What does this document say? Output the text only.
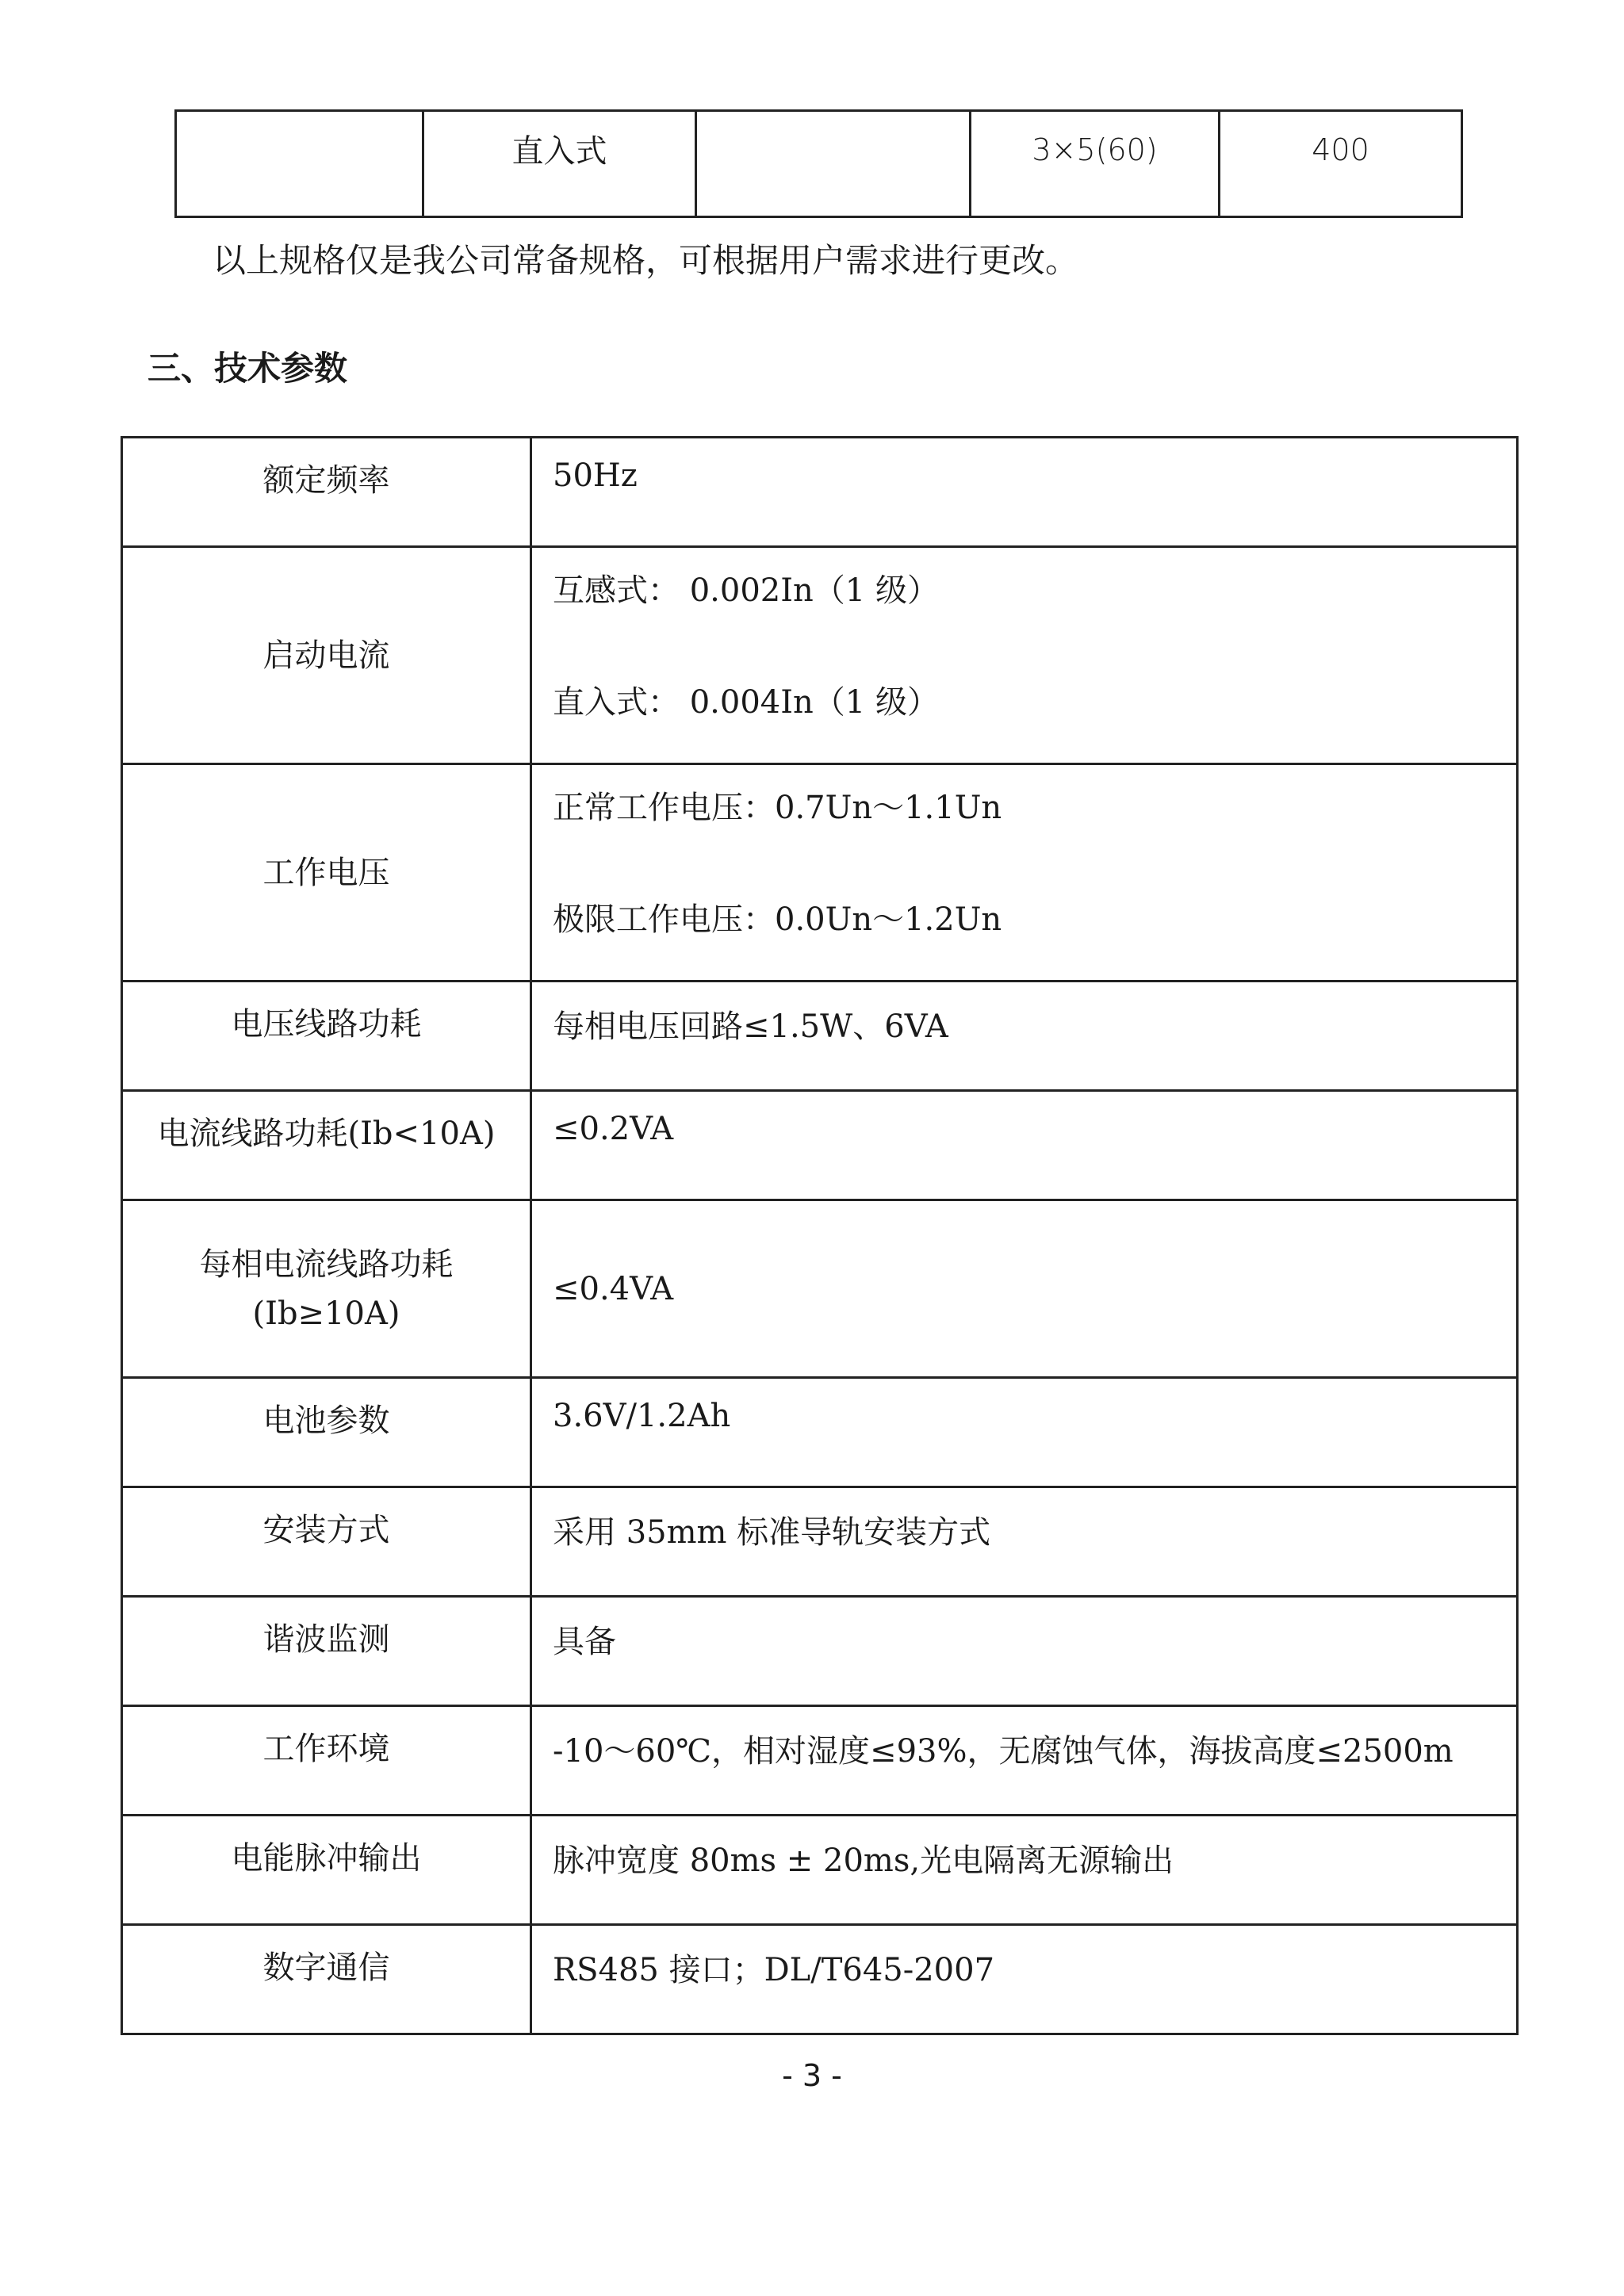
	直入式		3×5(60)	400

以上规格仅是我公司常备规格，可根据用户需求进行更改。

三、技术参数
额定频率	50Hz
启动电流	互感式： 0.002In（1 级）
直入式： 0.004In（1 级）
工作电压	正常工作电压：0.7Un～1.1Un
极限工作电压：0.0Un～1.2Un
电压线路功耗	每相电压回路≤1.5W、6VA
电流线路功耗(Ib<10A)	≤0.2VA
每相电流线路功耗
(Ib≥10A)	≤0.4VA
电池参数	3.6V/1.2Ah
安装方式	采用 35mm 标准导轨安装方式
谐波监测	具备
工作环境	-10～60℃，相对湿度≤93%，无腐蚀气体，海拔高度≤2500m
电能脉冲输出	脉冲宽度 80ms ± 20ms,光电隔离无源输出
数字通信	RS485 接口；DL/T645-2007

- 3 -
